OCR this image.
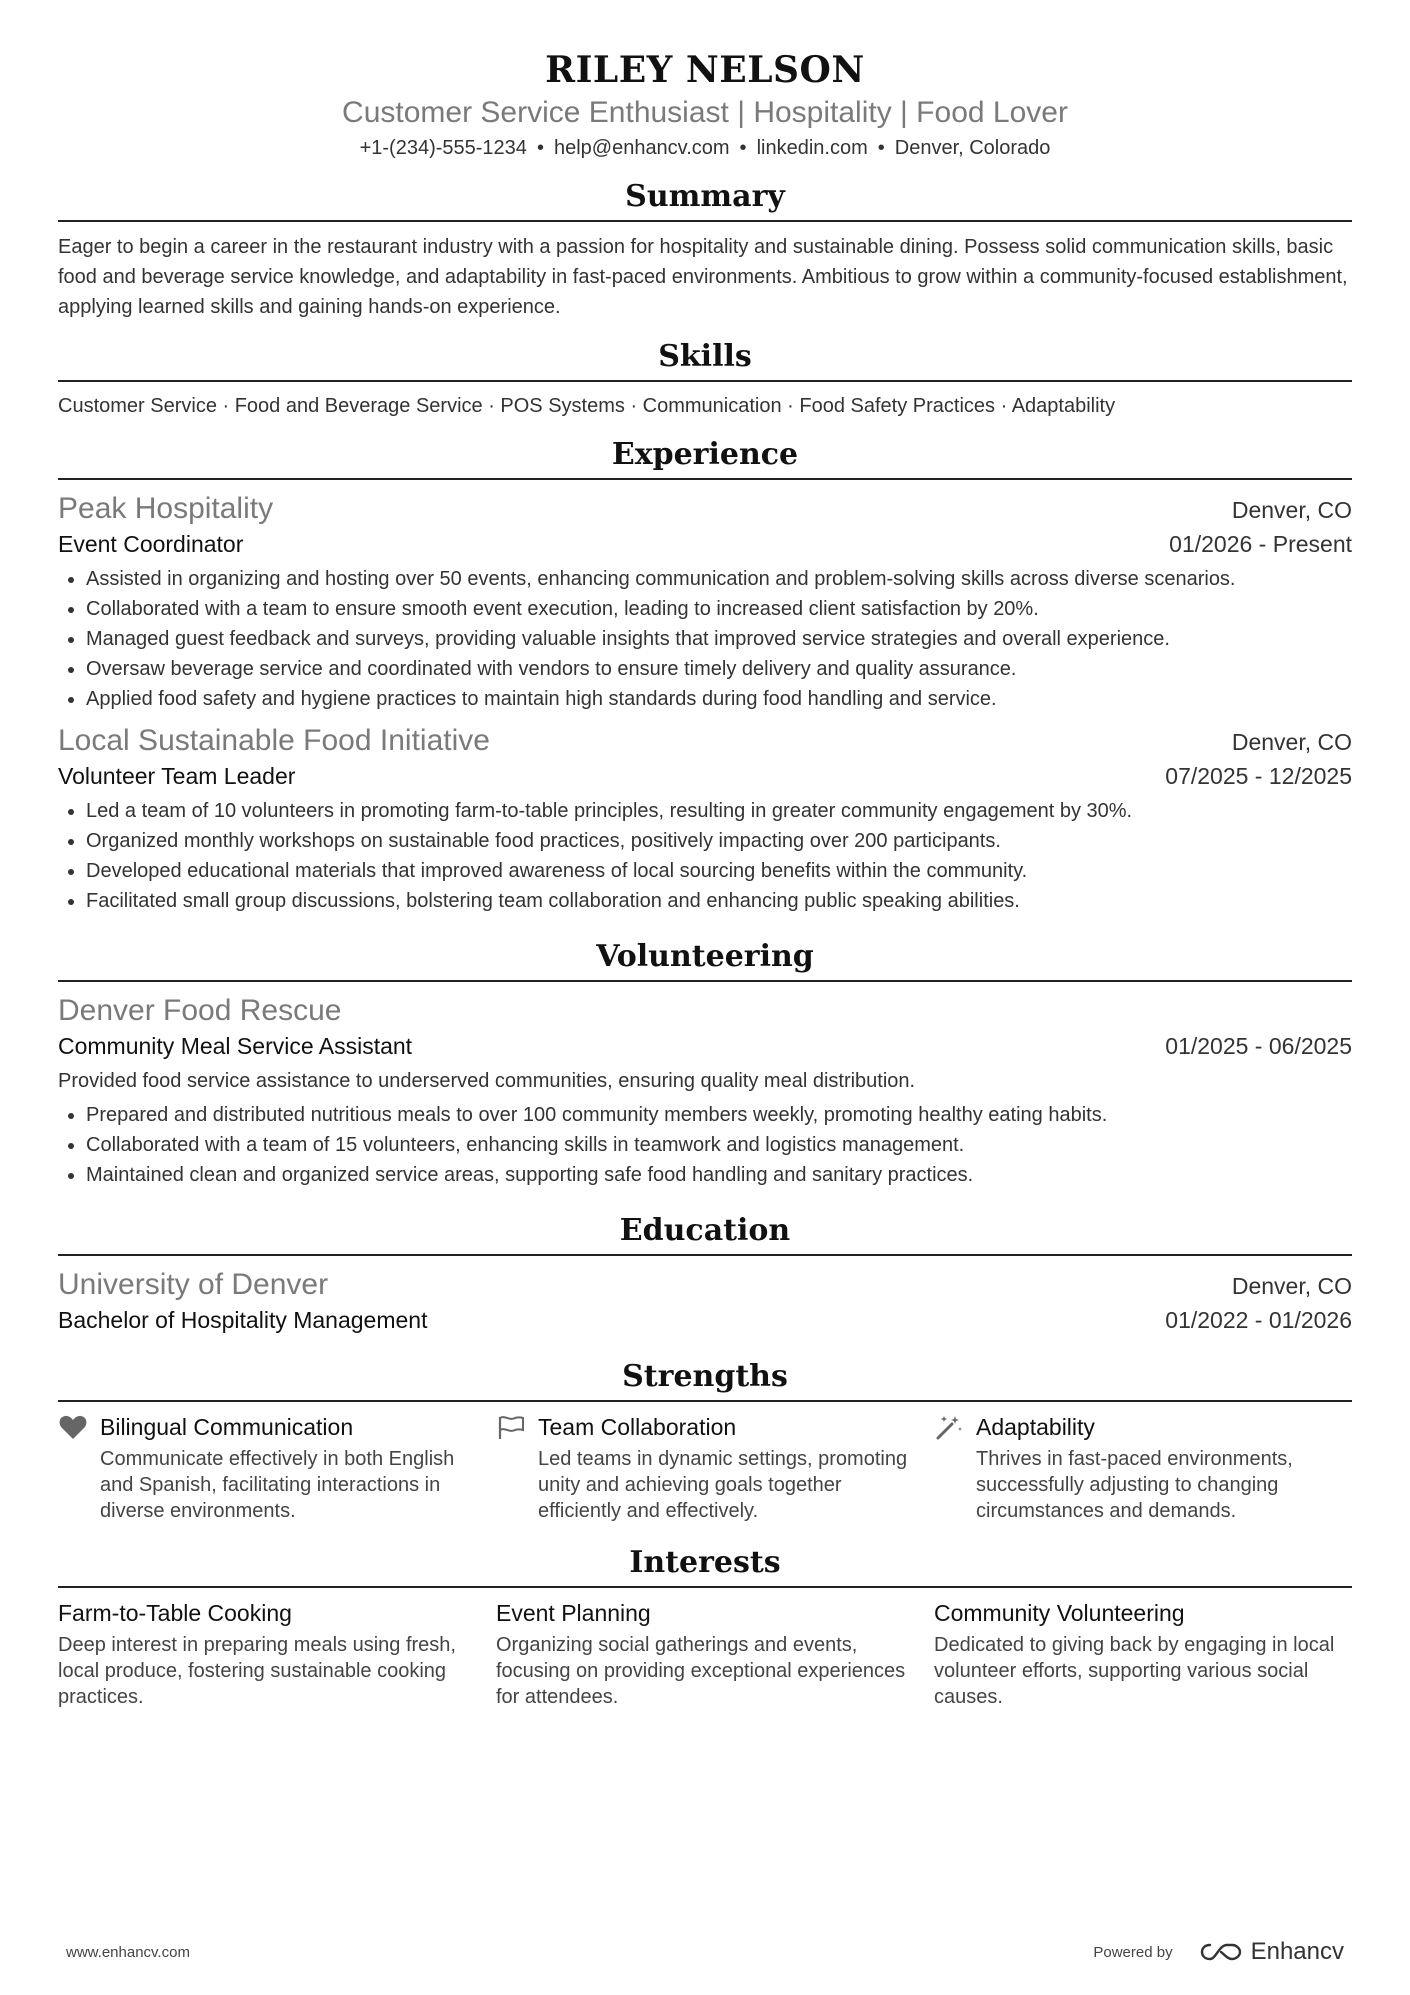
RILEY NELSON
Customer Service Enthusiast | Hospitality | Food Lover
+1-(234)-555-1234 • help@enhancv.com • linkedin.com • Denver, Colorado
Summary
Eager to begin a career in the restaurant industry with a passion for hospitality and sustainable dining. Possess solid communication skills, basic food and beverage service knowledge, and adaptability in fast-paced environments. Ambitious to grow within a community-focused establishment, applying learned skills and gaining hands-on experience.
Skills
Customer Service · Food and Beverage Service · POS Systems · Communication · Food Safety Practices · Adaptability
Experience
Peak Hospitality	Denver, CO
Event Coordinator	01/2026 - Present
• Assisted in organizing and hosting over 50 events, enhancing communication and problem-solving skills across diverse scenarios.
• Collaborated with a team to ensure smooth event execution, leading to increased client satisfaction by 20%.
• Managed guest feedback and surveys, providing valuable insights that improved service strategies and overall experience.
• Oversaw beverage service and coordinated with vendors to ensure timely delivery and quality assurance.
• Applied food safety and hygiene practices to maintain high standards during food handling and service.
Local Sustainable Food Initiative	Denver, CO
Volunteer Team Leader	07/2025 - 12/2025
• Led a team of 10 volunteers in promoting farm-to-table principles, resulting in greater community engagement by 30%.
• Organized monthly workshops on sustainable food practices, positively impacting over 200 participants.
• Developed educational materials that improved awareness of local sourcing benefits within the community.
• Facilitated small group discussions, bolstering team collaboration and enhancing public speaking abilities.
Volunteering
Denver Food Rescue
Community Meal Service Assistant	01/2025 - 06/2025
Provided food service assistance to underserved communities, ensuring quality meal distribution.
• Prepared and distributed nutritious meals to over 100 community members weekly, promoting healthy eating habits.
• Collaborated with a team of 15 volunteers, enhancing skills in teamwork and logistics management.
• Maintained clean and organized service areas, supporting safe food handling and sanitary practices.
Education
University of Denver	Denver, CO
Bachelor of Hospitality Management	01/2022 - 01/2026
Strengths
Bilingual Communication
Communicate effectively in both English and Spanish, facilitating interactions in diverse environments.
Team Collaboration
Led teams in dynamic settings, promoting unity and achieving goals together efficiently and effectively.
Adaptability
Thrives in fast-paced environments, successfully adjusting to changing circumstances and demands.
Interests
Farm-to-Table Cooking
Deep interest in preparing meals using fresh, local produce, fostering sustainable cooking practices.
Event Planning
Organizing social gatherings and events, focusing on providing exceptional experiences for attendees.
Community Volunteering
Dedicated to giving back by engaging in local volunteer efforts, supporting various social causes.
www.enhancv.com	Powered by	Enhancv
